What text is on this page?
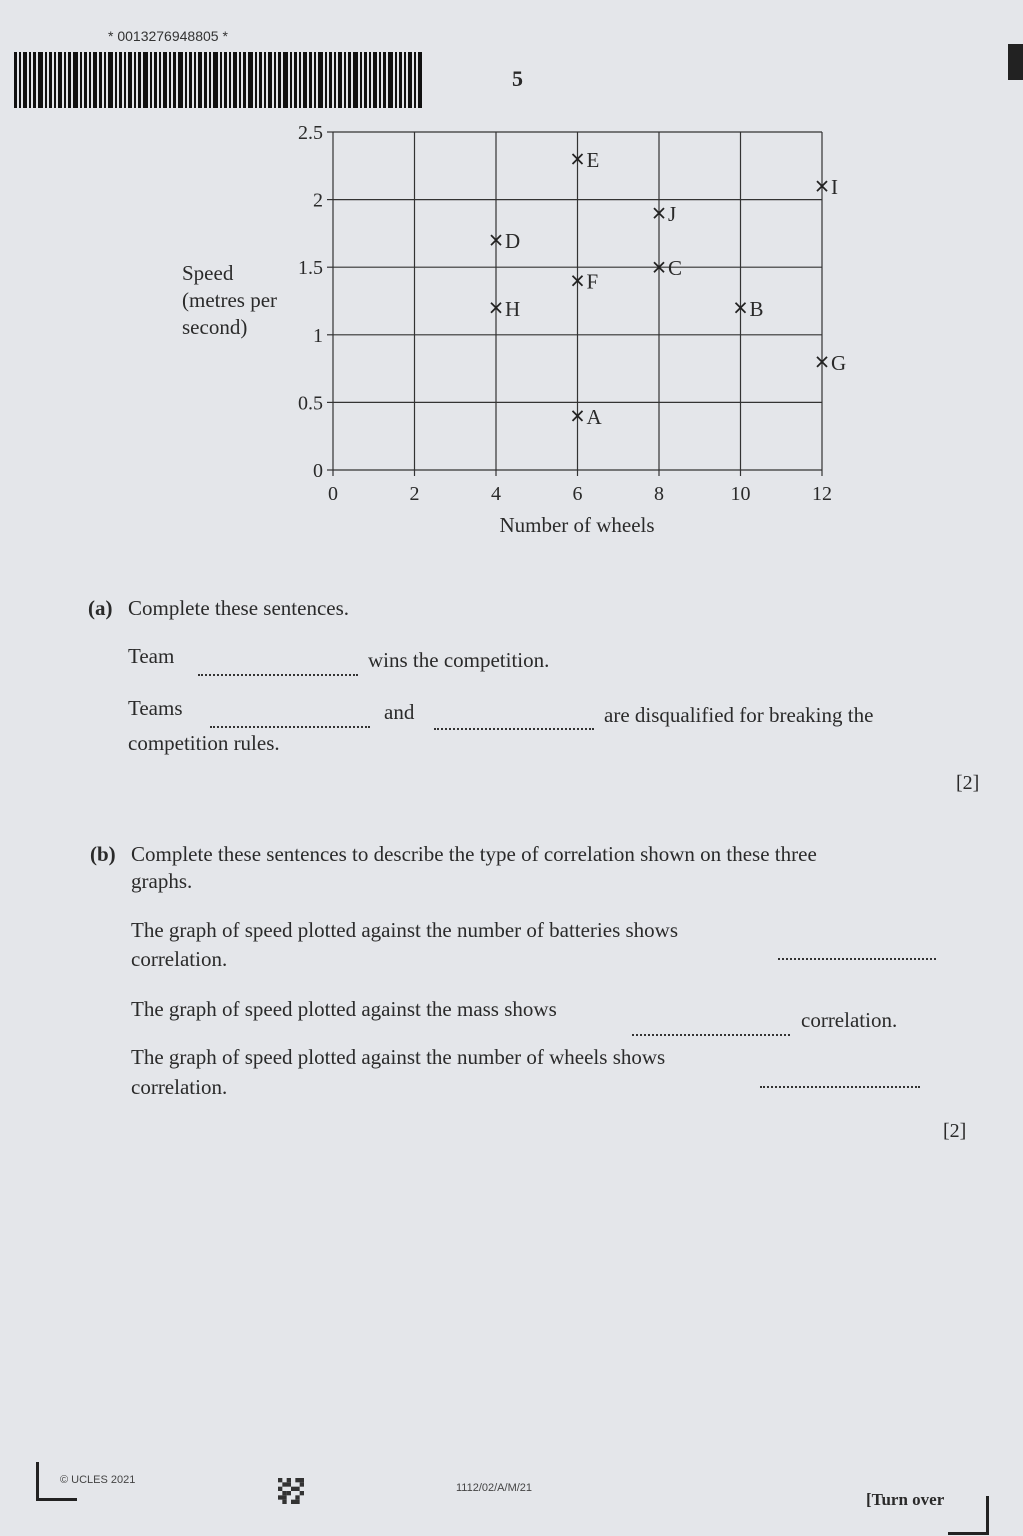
* 0013276948805 *
5
0	2	4	6	8	10	12
0
0.5
1
1.5
2
2.5
A
B
C
D
E
F
G
H
I
J
Speed
(metres per
second)
Number of wheels
(a) Complete these sentences.
Team	wins the competition.
Teams	and	are disqualified for breaking the
competition rules.
[2]
(b) Complete these sentences to describe the type of correlation shown on these three
graphs.
The graph of speed plotted against the number of batteries shows
correlation.
The graph of speed plotted against the mass shows	correlation.
The graph of speed plotted against the number of wheels shows
correlation.
[2]
© UCLES 2021
1112/02/A/M/21
[Turn over
